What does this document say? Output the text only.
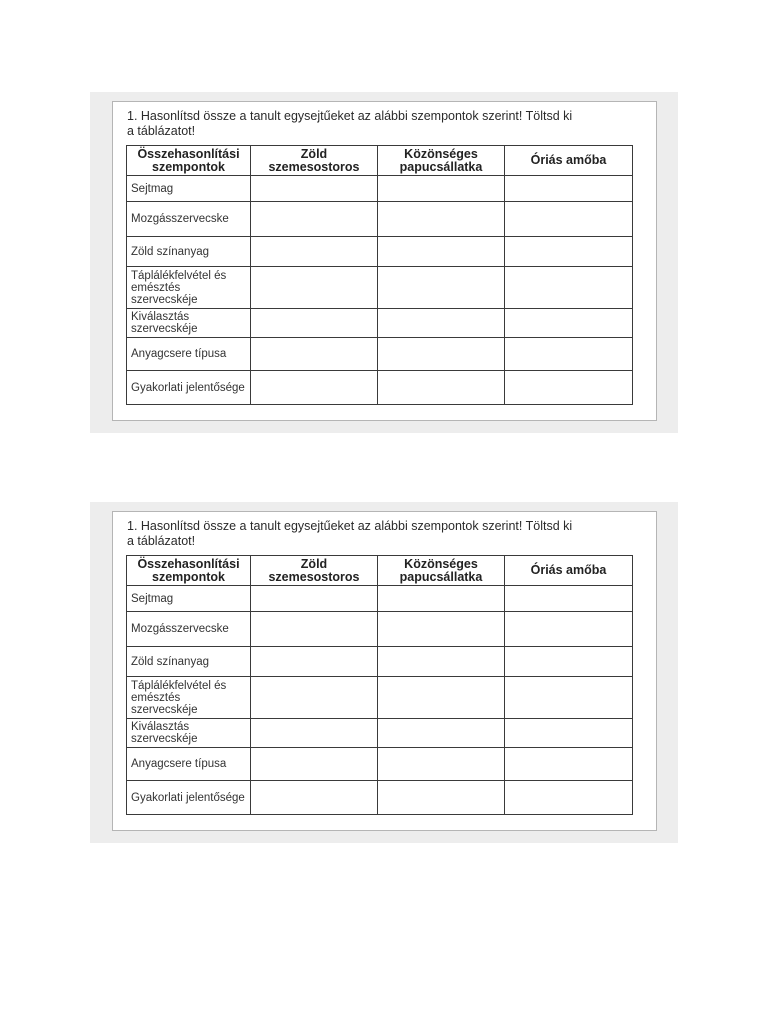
1. Hasonlítsd össze a tanult egysejtűeket az alábbi szempontok szerint! Töltsd ki
a táblázatot!
Összehasonlítási szempontok	Zöld szemesostoros	Közönséges papucsállatka	Óriás amőba
Sejtmag			
Mozgásszervecske			
Zöld színanyag			
Táplálékfelvétel és emésztés szervecskéje			
Kiválasztás szervecskéje			
Anyagcsere típusa			
Gyakorlati jelentősége			
1. Hasonlítsd össze a tanult egysejtűeket az alábbi szempontok szerint! Töltsd ki
a táblázatot!
Összehasonlítási szempontok	Zöld szemesostoros	Közönséges papucsállatka	Óriás amőba
Sejtmag			
Mozgásszervecske			
Zöld színanyag			
Táplálékfelvétel és emésztés szervecskéje			
Kiválasztás szervecskéje			
Anyagcsere típusa			
Gyakorlati jelentősége			
